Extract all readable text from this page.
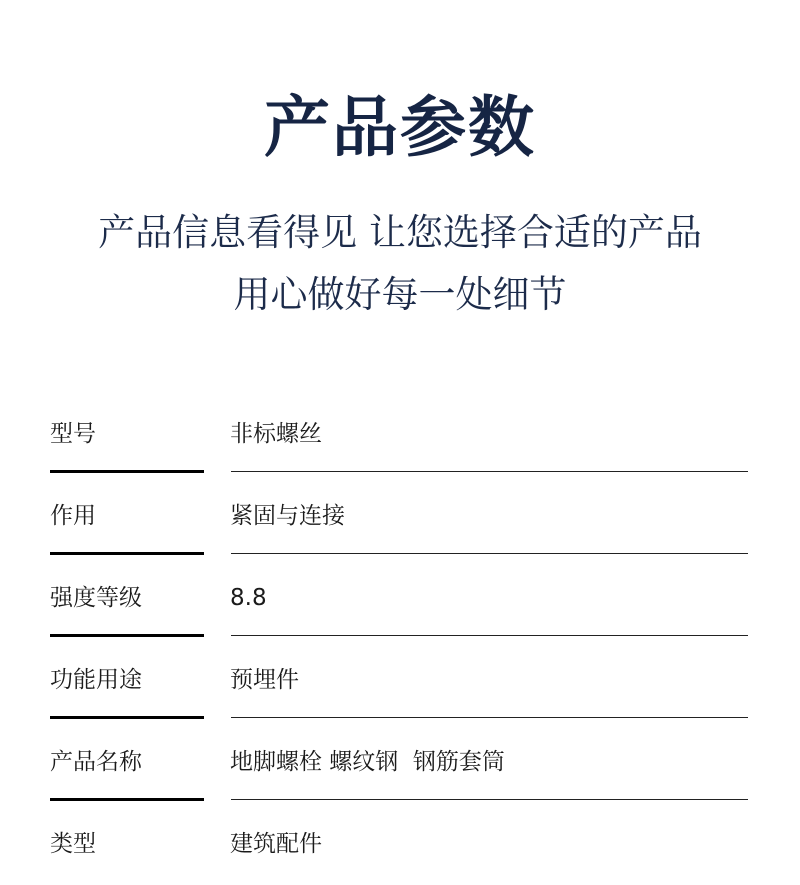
产品参数
产品信息看得见 让您选择合适的产品
用心做好每一处细节
型号	非标螺丝
作用	紧固与连接
强度等级	8.8
功能用途	预埋件
产品名称	地脚螺栓 螺纹钢  钢筋套筒
类型	建筑配件
